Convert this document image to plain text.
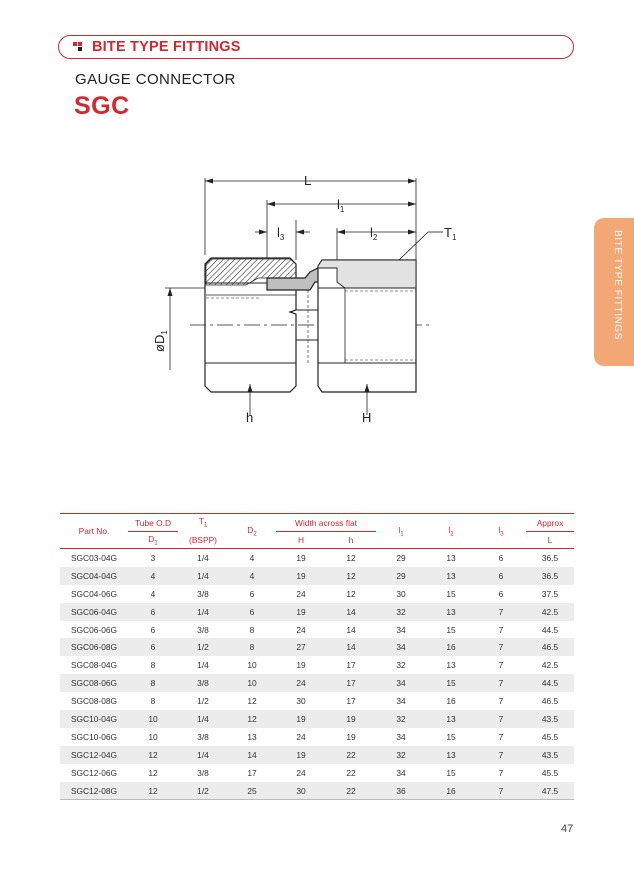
BITE TYPE FITTINGS
GAUGE CONNECTOR
SGC
BITE TYPE FITTINGS
L
$l_1$
$l_2$
$l_3$	$T_1$
$øD_1$
h	H
Part No.	Tube O.D	$T_1$	$D_2$	Width across flat		$l_1$	$l_2$	$l_3$	Approx
	$D_1$	(BSPP)		H	h				L
SGC03-04G	3	1/4	4	19	12	29	13	6	36.5
SGC04-04G	4	1/4	4	19	12	29	13	6	36.5
SGC04-06G	4	3/8	6	24	12	30	15	6	37.5
SGC06-04G	6	1/4	6	19	14	32	13	7	42.5
SGC06-06G	6	3/8	8	24	14	34	15	7	44.5
SGC06-08G	6	1/2	8	27	14	34	16	7	46.5
SGC08-04G	8	1/4	10	19	17	32	13	7	42.5
SGC08-06G	8	3/8	10	24	17	34	15	7	44.5
SGC08-08G	8	1/2	12	30	17	34	16	7	46.5
SGC10-04G	10	1/4	12	19	19	32	13	7	43.5
SGC10-06G	10	3/8	13	24	19	34	15	7	45.5
SGC12-04G	12	1/4	14	19	22	32	13	7	43.5
SGC12-06G	12	3/8	17	24	22	34	15	7	45.5
SGC12-08G	12	1/2	25	30	22	36	16	7	47.5
47
